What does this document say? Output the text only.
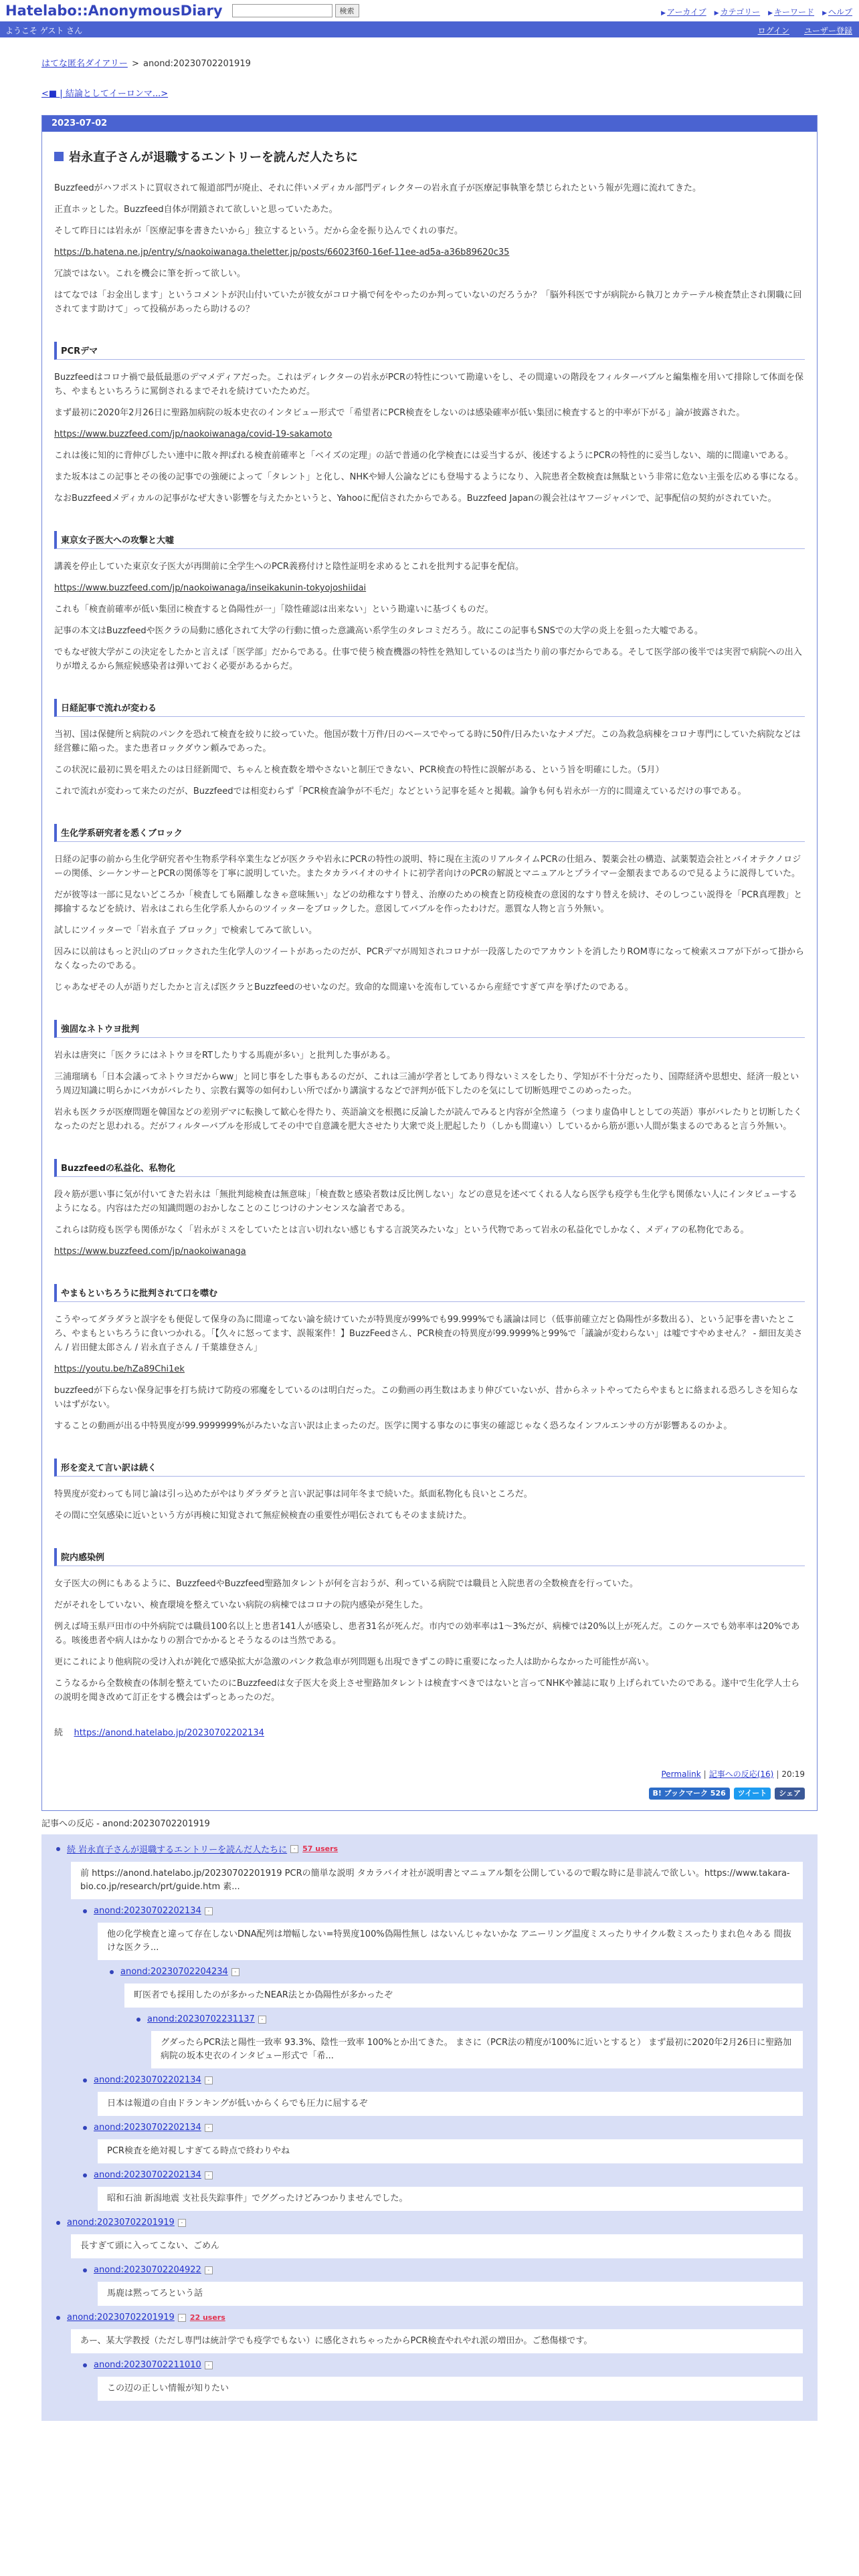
Hatelabo::AnonymousDiary	検索	▶ アーカイブ ▶ カテゴリー ▶ キーワード ▶ ヘルプ
ようこそ ゲスト さん	ログイン ユーザー登録
はてな匿名ダイアリー > anond:20230702201919
<■ | 結論としてイーロンマ...>
2023-07-02
岩永直子さんが退職するエントリーを読んだ人たちに
Buzzfeedがハフポストに買収されて報道部門が廃止、それに伴いメディカル部門ディレクターの岩永直子が医療記事執筆を禁じられたという報が先週に流れてきた。
正直ホッとした。Buzzfeed自体が閉鎖されて欲しいと思っていたあた。
そして昨日には岩永が「医療記事を書きたいから」独立するという。だから金を振り込んでくれの事だ。
https://b.hatena.ne.jp/entry/s/naokoiwanaga.theletter.jp/posts/66023f60-16ef-11ee-ad5a-a36b89620c35
冗談ではない。これを機会に筆を折って欲しい。
はてなでは「お金出します」というコメントが沢山付いていたが彼女がコロナ禍で何をやったのか判っていないのだろうか？「脳外科医ですが病院から執刀とカテーテル検査禁止され閑職に回されてます助けて」って投稿があったら助けるの？
PCRデマ
Buzzfeedはコロナ禍で最低最悪のデマメディアだった。これはディレクターの岩永がPCRの特性について勘違いをし、その間違いの階段をフィルターバブルと編集権を用いて排除して体面を保ち、やまもといちろうに罵倒されるまでそれを続けていたためだ。
まず最初に2020年2月26日に聖路加病院の坂本史衣のインタビュー形式で「希望者にPCR検査をしないのは感染確率が低い集団に検査すると的中率が下がる」論が披露された。
https://www.buzzfeed.com/jp/naokoiwanaga/covid-19-sakamoto
これは後に知的に背伸びしたい連中に散々押ばれる検査前確率と「ベイズの定理」の話で普通の化学検査には妥当するが、後述するようにPCRの特性的に妥当しない、端的に間違いである。
また坂本はこの記事とその後の記事での強硬によって「タレント」と化し、NHKや婦人公論などにも登場するようになり、入院患者全数検査は無駄という非常に危ない主張を広める事になる。
なおBuzzfeedメディカルの記事がなぜ大きい影響を与えたかというと、Yahooに配信されたからである。Buzzfeed Japanの親会社はヤフージャパンで、記事配信の契約がされていた。
東京女子医大への攻撃と大嘘
講義を停止していた東京女子医大が再開前に全学生へのPCR義務付けと陰性証明を求めるとこれを批判する記事を配信。
https://www.buzzfeed.com/jp/naokoiwanaga/inseikakunin-tokyojoshiidai
これも「検査前確率が低い集団に検査すると偽陽性が一」「陰性確認は出来ない」という勘違いに基づくものだ。
記事の本文はBuzzfeedや医クラの局動に感化されて大学の行動に憤った意識高い系学生のタレコミだろう。故にこの記事もSNSでの大学の炎上を狙った大嘘である。
でもなぜ彼大学がこの決定をしたかと言えば「医学部」だからである。仕事で使う検査機器の特性を熟知しているのは当たり前の事だからである。そして医学部の後半では実習で病院への出入りが増えるから無症候感染者は弾いておく必要があるからだ。
日経記事で流れが変わる
当初、国は保健所と病院のパンクを恐れて検査を絞りに絞っていた。他国が数十万件/日のペースでやってる時に50件/日みたいなナメプだ。この為救急病棟をコロナ専門にしていた病院などは経営難に陥った。また患者ロックダウン頼みであった。
この状況に最初に異を唱えたのは日経新聞で、ちゃんと検査数を増やさないと制圧できない、PCR検査の特性に誤解がある、という旨を明確にした。（5月）
これで流れが変わって来たのだが、Buzzfeedでは相変わらず「PCR検査論争が不毛だ」などという記事を延々と掲載。論争も何も岩永が一方的に間違えているだけの事である。
生化学系研究者を悉くブロック
日経の記事の前から生化学研究者や生物系学科卒業生などが医クラや岩永にPCRの特性の説明、特に現在主流のリアルタイムPCRの仕組み、製薬会社の構造、試薬製造会社とバイオテクノロジーの関係、シーケンサーとPCRの関係等を丁寧に説明していた。またタカラバイオのサイトに初学者向けのPCRの解説とマニュアルとプライマー金額表まであるので見るように説得していた。
だが彼等は一部に見ないどころか「検査しても隔離しなきゃ意味無い」などの幼稚なすり替え、治療のための検査と防疫検査の意図的なすり替えを続け、そのしつこい説得を「PCR真理教」と揶揄するなどを続け、岩永はこれら生化学系人からのツイッターをブロックした。意図してバブルを作ったわけだ。悪質な人物と言う外無い。
試しにツイッターで「岩永直子 ブロック」で検索してみて欲しい。
因みに以前はもっと沢山のブロックされた生化学人のツイートがあったのだが、PCRデマが周知されコロナが一段落したのでアカウントを消したりROM専になって検索スコアが下がって掛からなくなったのである。
じゃあなぜその人が語りだしたかと言えば医クラとBuzzfeedのせいなのだ。致命的な間違いを流布しているから産経ですぎて声を挙げたのである。
強固なネトウヨ批判
岩永は唐突に「医クラにはネトウヨをRTしたりする馬鹿が多い」と批判した事がある。
三浦瑠璃も「日本会議ってネトウヨだからww」と同じ事をした事もあるのだが、これは三浦が学者としてあり得ないミスをしたり、学知が不十分だったり、国際経済や思想史、経済一般という周辺知識に明らかにバカがバレたり、宗教右翼等の如何わしい所でばかり講演するなどで評判が低下したのを気にして切断処理でこのめったった。
岩永も医クラが医療問題を韓国などの差別デマに転換して歓心を得たり、英語論文を根拠に反論したが読んでみると内容が全然違う（つまり虚偽申しとしての英語）事がバレたりと切断したくなったのだと思われる。だがフィルターバブルを形成してその中で自意識を肥大させたり大衆で炎上肥起したり（しかも間違い）しているから筋が悪い人間が集まるのであると言う外無い。
Buzzfeedの私益化、私物化
段々筋が悪い事に気が付いてきた岩永は「無批判総検査は無意味」「検査数と感染者数は反比例しない」などの意見を述べてくれる人なら医学も疫学も生化学も関係ない人にインタビューするようになる。内容はただの知識問題のおかしなことのこじつけのナンセンスな論者である。
これらは防疫も医学も関係がなく「岩永がミスをしていたとは言い切れない感じもする言説笑みたいな」という代物であって岩永の私益化でしかなく、メディアの私物化である。
https://www.buzzfeed.com/jp/naokoiwanaga
やまもといちろうに批判されて口を噤む
こうやってダラダラと誤字をも便促して保身の為に間違ってない論を続けていたが特異度が99%でも99.999%でも議論は同じ（低事前確立だと偽陽性が多数出る）、という記事を書いたところ、やまもといちろうに食いつかれる。「【久々に怒ってます、誤報案件！】BuzzFeedさん、PCR検査の特異度が99.9999%と99%で「議論が変わらない」は嘘ですやめません？ - 細田友美さん / 岩田健太郎さん / 岩永直子さん / 千葉雄登さん」
https://youtu.be/hZa89Chi1ek
buzzfeedが下らない保身記事を打ち続けて防疫の邪魔をしているのは明白だった。この動画の再生数はあまり伸びていないが、昔からネットやってたらやまもとに絡まれる恐ろしさを知らないはずがない。
することの動画が出る中特異度が99.9999999%がみたいな言い訳は止まったのだ。医学に関する事なのに事実の確認じゃなく恐ろなインフルエンサの方が影響あるのかよ。
形を変えて言い訳は続く
特異度が変わっても同じ論は引っ込めたがやはりダラダラと言い訳記事は同年冬まで続いた。紙面私物化も良いところだ。
その間に空気感染に近いという方が再検に知覚されて無症候検査の重要性が唱伝されてもそのまま続けた。
院内感染例
女子医大の例にもあるように、BuzzfeedやBuzzfeed聖路加タレントが何を言おうが、利っている病院では職員と入院患者の全数検査を行っていた。
だがそれをしていない、検査環境を整えていない病院の病棟ではコロナの院内感染が発生した。
例えば埼玉県戸田市の中外病院では職員100名以上と患者141人が感染し、患者31名が死んだ。市内での効率率は1〜3%だが、病棟では20%以上が死んだ。このケースでも効率率は20%である。咳後患者や病人はかなりの割合でかかるとそうなるのは当然である。
更にこれにより他病院の受け入れが鈍化で感染拡大が急激のパンク救急車が列問題も出現できずこの時に重要になった人は助からなかった可能性が高い。
こうなるから全数検査の体制を整えていたのにBuzzfeedは女子医大を炎上させ聖路加タレントは検査すべきではないと言ってNHKや雑誌に取り上げられていたのである。遂中で生化学人士らの説明を聞き改めて訂正をする機会はずっとあったのだ。
続 https://anond.hatelabo.jp/20230702202134
Permalink | 記事への反応(16) | 20:19
B! ブックマーク 526	ツイート	シェア
記事への反応 - anond:20230702201919
続 岩永直子さんが退職するエントリーを読んだ人たちに	- 57 users
前 https://anond.hatelabo.jp/20230702201919 PCRの簡単な説明 タカラバイオ社が説明書とマニュアル類を公開しているので暇な時に是非読んで欲しい。https://www.takara-bio.co.jp/research/prt/guide.htm 素...
anond:20230702202134	-
他の化学検査と違って存在しないDNA配列は増幅しない=特異度100%偽陽性無し はないんじゃないかな アニーリング温度ミスったりサイクル数ミスったりまれ色々ある 間抜けな医クラ...
anond:20230702204234	-
町医者でも採用したのが多かったNEAR法とか偽陽性が多かったぞ
anond:20230702231137	-
グダったらPCR法と陽性一致率 93.3%、陰性一致率 100%とか出てきた。 まさに（PCR法の精度が100%に近いとすると） まず最初に2020年2月26日に聖路加病院の坂本史衣のインタビュー形式で「希...
anond:20230702202134	-
日本は報道の自由ドランキングが低いからくらでも圧力に屈するぞ
anond:20230702202134	-
PCR検査を絶対視しすぎてる時点で終わりやね
anond:20230702202134	-
昭和石油 新潟地震 支社長失踪事件」でググったけどみつかりませんでした。
anond:20230702201919	-
長すぎて頭に入ってこない、ごめん
anond:20230702204922	-
馬鹿は黙ってろという話
anond:20230702201919	- 22 users
あー、某大学教授（ただし専門は統計学でも疫学でもない）に感化されちゃったからPCR検査やれやれ派の増田か。ご愁傷様です。
anond:20230702211010	-
この辺の正しい情報が知りたい
